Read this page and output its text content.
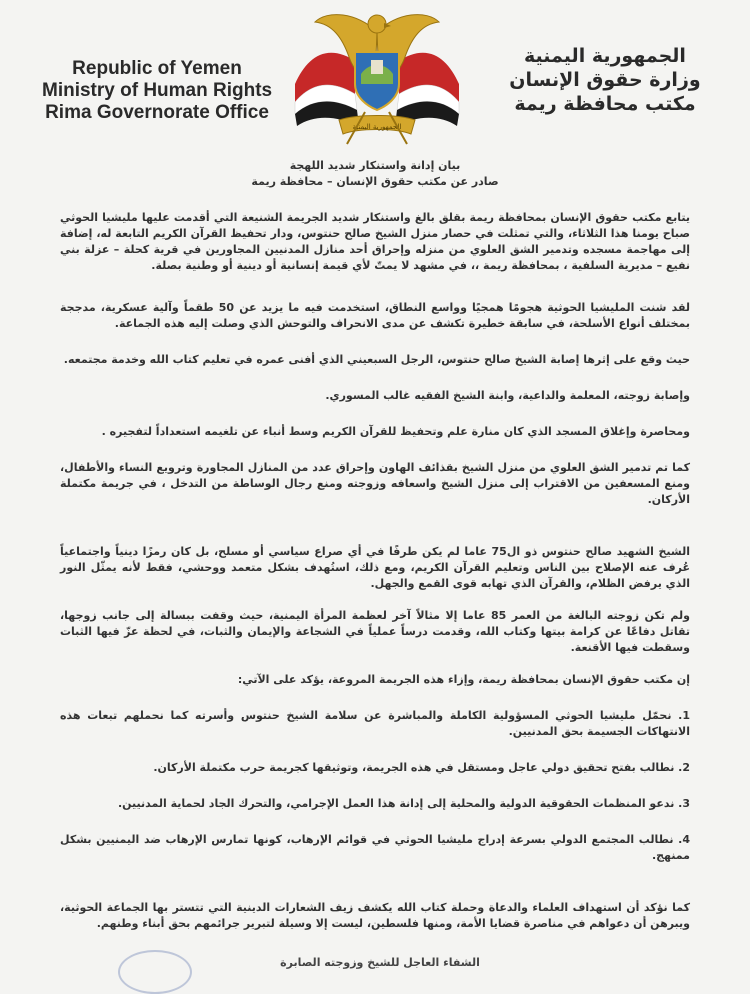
Republic of Yemen
Ministry of Human Rights
Rima Governorate Office
الجمهورية اليمنية
الجمهورية اليمنية
وزارة حقوق الإنسان
مكتب محافظة ريمة

بيان إدانة واستنكار شديد اللهجة

صادر عن مكتب حقوق الإنسان – محافظة ريمة

يتابع مكتب حقوق الإنسان بمحافظة ريمة بقلق بالغ واستنكار شديد الجريمة الشنيعة التي أقدمت عليها مليشيا الحوثي صباح يومنا هذا الثلاثاء، والتي تمثلت في حصار منزل الشيخ صالح حنتوس، ودار تحفيظ القرآن الكريم التابعة له، إضافة إلى مهاجمة مسجده وتدمير الشق العلوي من منزله وإحراق أحد منازل المدنيين المجاورين في قرية كحلة – عزلة بني نفيع – مديرية السلفية ، بمحافظة ريمة ،، في مشهد لا يمتّ لأي قيمة إنسانية أو دينية أو وطنية بصلة.

لقد شنت المليشيا الحوثية هجومًا همجيًا وواسع النطاق، استخدمت فيه ما يزيد عن 50 طقماً وآلية عسكرية، مدججة بمختلف أنواع الأسلحة، في سابقة خطيرة تكشف عن مدى الانحراف والتوحش الذي وصلت إليه هذه الجماعة.

حيث وقع على إثرها إصابة الشيخ صالح حنتوس، الرجل السبعيني الذي أفنى عمره في تعليم كتاب الله وخدمة مجتمعه.

وإصابة زوجته، المعلمة والداعية، وابنة الشيخ الفقيه غالب المسوري.

ومحاصرة وإغلاق المسجد الذي كان منارة علم وتحفيظ للقرآن الكريم وسط أنباء عن تلغيمه استعداداً لتفجيره .

كما تم تدمير الشق العلوي من منزل الشيخ بقذائف الهاون وإحراق عدد من المنازل المجاورة وترويع النساء والأطفال، ومنع المسعفين من الاقتراب إلى منزل الشيخ واسعافه وزوجته ومنع رجال الوساطة من التدخل ، في جريمة مكتملة الأركان.

الشيخ الشهيد صالح حنتوس ذو ال75 عاما لم يكن طرفًا في أي صراع سياسي أو مسلح، بل كان رمزًا دينياً واجتماعياً عُرف عنه الإصلاح بين الناس وتعليم القرآن الكريم، ومع ذلك، استُهدف بشكل متعمد ووحشي، فقط لأنه يمثّل النور الذي يرفض الظلام، والقرآن الذي تهابه قوى القمع والجهل.

ولم تكن زوجته البالغة من العمر 85 عاما إلا مثالاً آخر لعظمة المرأة اليمنية، حيث وقفت ببسالة إلى جانب زوجها، تقاتل دفاعًا عن كرامة بيتها وكتاب الله، وقدمت درساً عملياً في الشجاعة والإيمان والثبات، في لحظة عزّ فيها الثبات وسقطت فيها الأقنعة.

إن مكتب حقوق الإنسان بمحافظة ريمة، وإزاء هذه الجريمة المروعة، يؤكد على الآتي:

1. نحمّل مليشيا الحوثي المسؤولية الكاملة والمباشرة عن سلامة الشيخ حنتوس وأسرته كما نحملهم تبعات هذه الانتهاكات الجسيمة بحق المدنيين.

2. نطالب بفتح تحقيق دولي عاجل ومستقل في هذه الجريمة، وتوثيقها كجريمة حرب مكتملة الأركان.

3. ندعو المنظمات الحقوقية الدولية والمحلية إلى إدانة هذا العمل الإجرامي، والتحرك الجاد لحماية المدنيين.

4. نطالب المجتمع الدولي بسرعة إدراج مليشيا الحوثي في قوائم الإرهاب، كونها تمارس الإرهاب ضد اليمنيين بشكل ممنهج.

كما نؤكد أن استهداف العلماء والدعاة وحملة كتاب الله يكشف زيف الشعارات الدينية التي تتستر بها الجماعة الحوثية، ويبرهن أن دعواهم في مناصرة قضايا الأمة، ومنها فلسطين، ليست إلا وسيلة لتبرير جرائمهم بحق أبناء وطنهم.

الشفاء العاجل للشيخ وزوجته الصابرة
